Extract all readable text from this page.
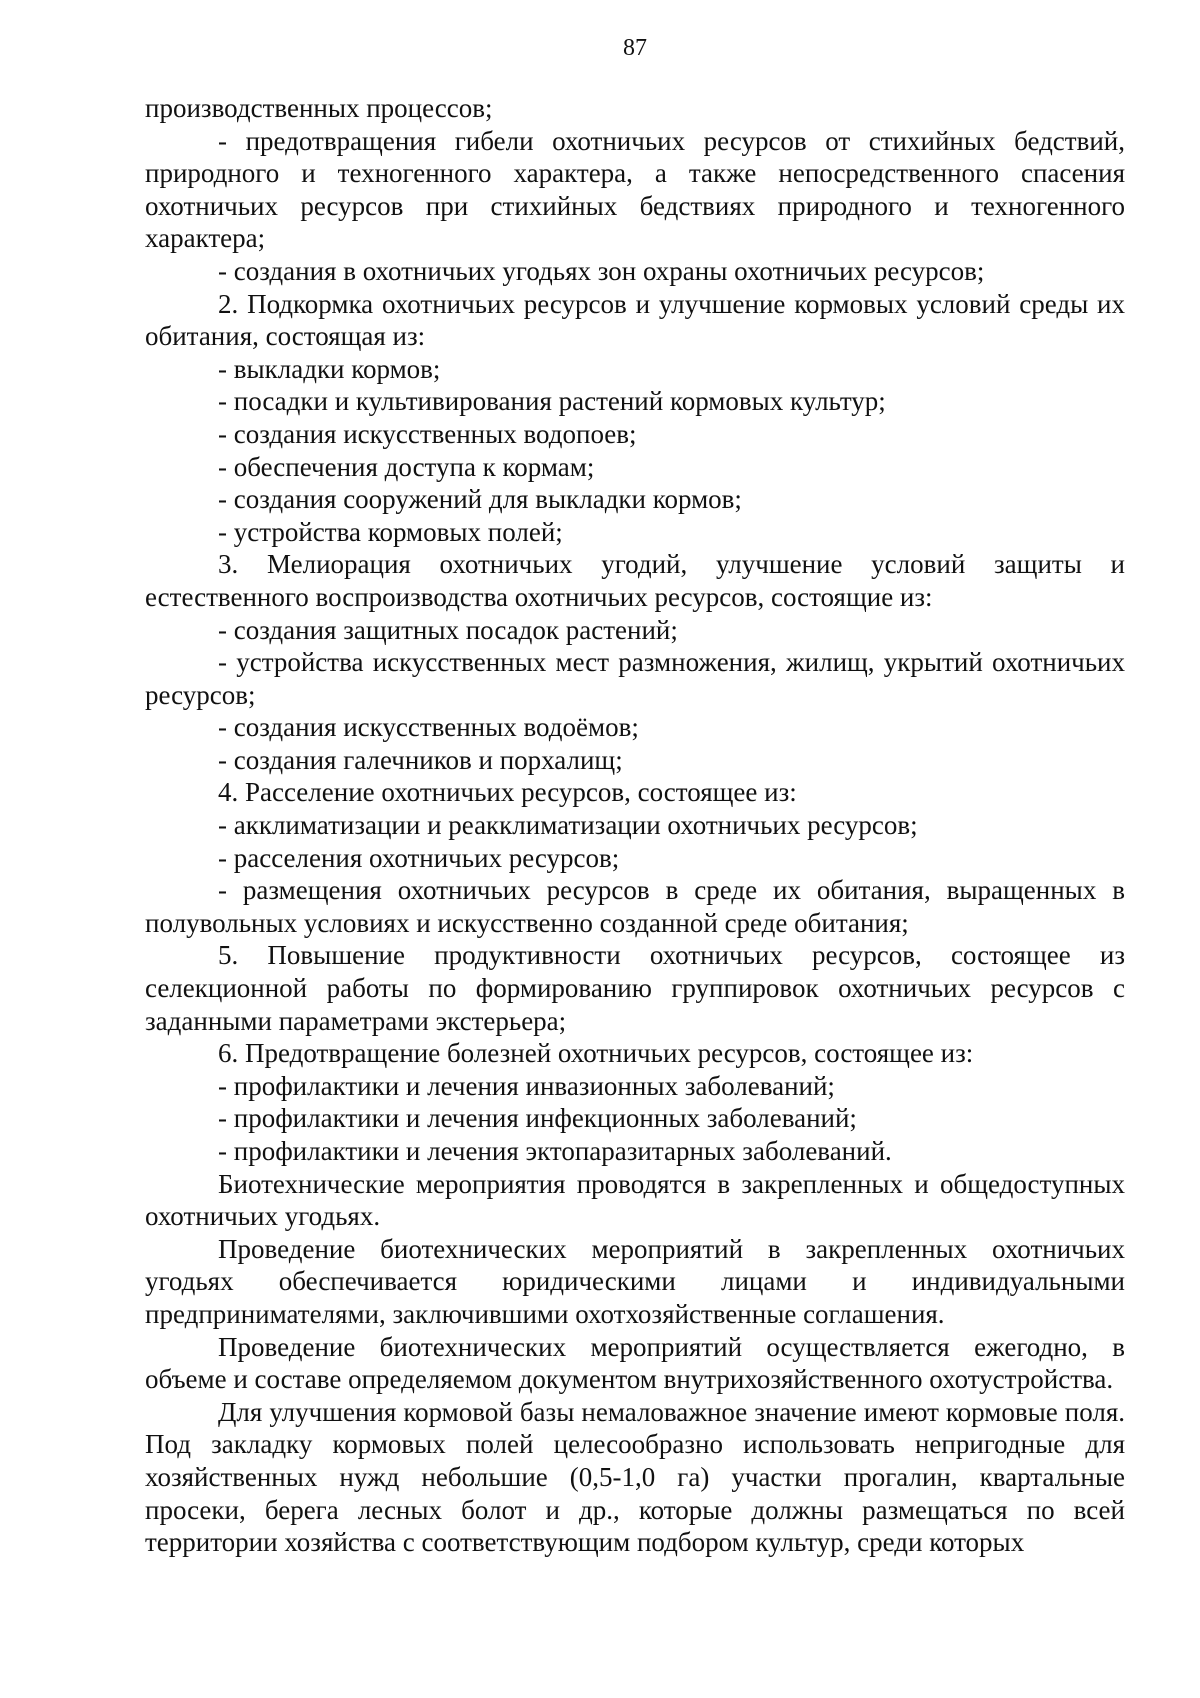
87

производственных процессов;

- предотвращения гибели охотничьих ресурсов от стихийных бедствий, природного и техногенного характера, а также непосредственного спасения охотничьих ресурсов при стихийных бедствиях природного и техногенного характера;

- создания в охотничьих угодьях зон охраны охотничьих ресурсов;

2. Подкормка охотничьих ресурсов и улучшение кормовых условий среды их обитания, состоящая из:

- выкладки кормов;

- посадки и культивирования растений кормовых культур;

- создания искусственных водопоев;

- обеспечения доступа к кормам;

- создания сооружений для выкладки кормов;

- устройства кормовых полей;

3. Мелиорация охотничьих угодий, улучшение условий защиты и естественного воспроизводства охотничьих ресурсов, состоящие из:

- создания защитных посадок растений;

- устройства искусственных мест размножения, жилищ, укрытий охотничьих ресурсов;

- создания искусственных водоёмов;

- создания галечников и порхалищ;

4. Расселение охотничьих ресурсов, состоящее из:

- акклиматизации и реакклиматизации охотничьих ресурсов;

- расселения охотничьих ресурсов;

- размещения охотничьих ресурсов в среде их обитания, выращенных в полувольных условиях и искусственно созданной среде обитания;

5. Повышение продуктивности охотничьих ресурсов, состоящее из селекционной работы по формированию группировок охотничьих ресурсов с заданными параметрами экстерьера;

6. Предотвращение болезней охотничьих ресурсов, состоящее из:

- профилактики и лечения инвазионных заболеваний;

- профилактики и лечения инфекционных заболеваний;

- профилактики и лечения эктопаразитарных заболеваний.

Биотехнические мероприятия проводятся в закрепленных и общедоступных охотничьих угодьях.

Проведение биотехнических мероприятий в закрепленных охотничьих угодьях обеспечивается юридическими лицами и индивидуальными предпринимателями, заключившими охотхозяйственные соглашения.

Проведение биотехнических мероприятий осуществляется ежегодно, в объеме и составе определяемом документом внутрихозяйственного охотустройства.

Для улучшения кормовой базы немаловажное значение имеют кормовые поля. Под закладку кормовых полей целесообразно использовать непригодные для хозяйственных нужд небольшие (0,5-1,0 га) участки прогалин, квартальные просеки, берега лесных болот и др., которые должны размещаться по всей территории хозяйства с соответствующим подбором культур, среди которых
